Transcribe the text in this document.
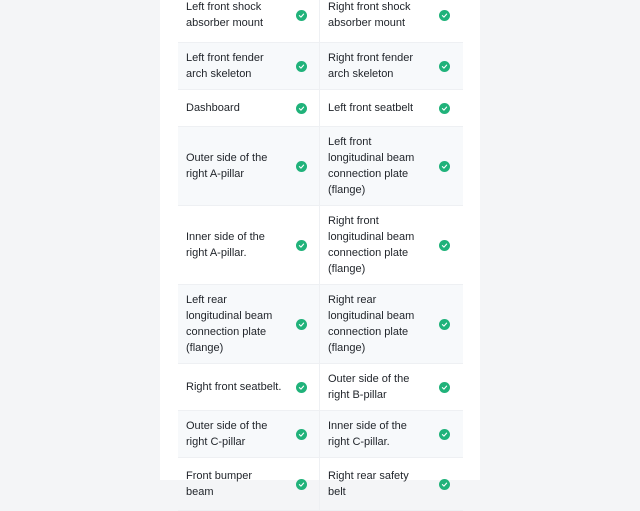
Left front shock absorber mount
Right front shock absorber mount
Left front fender arch skeleton
Right front fender arch skeleton
Dashboard	Left front seatbelt
Outer side of the right A-pillar
Left front longitudinal beam connection plate (flange)
Inner side of the right A-pillar.
Right front longitudinal beam connection plate (flange)
Left rear longitudinal beam connection plate (flange)
Right rear longitudinal beam connection plate (flange)
Right front seatbelt.
Outer side of the right B-pillar
Outer side of the right C-pillar
Inner side of the right C-pillar.
Front bumper beam
Right rear safety belt
